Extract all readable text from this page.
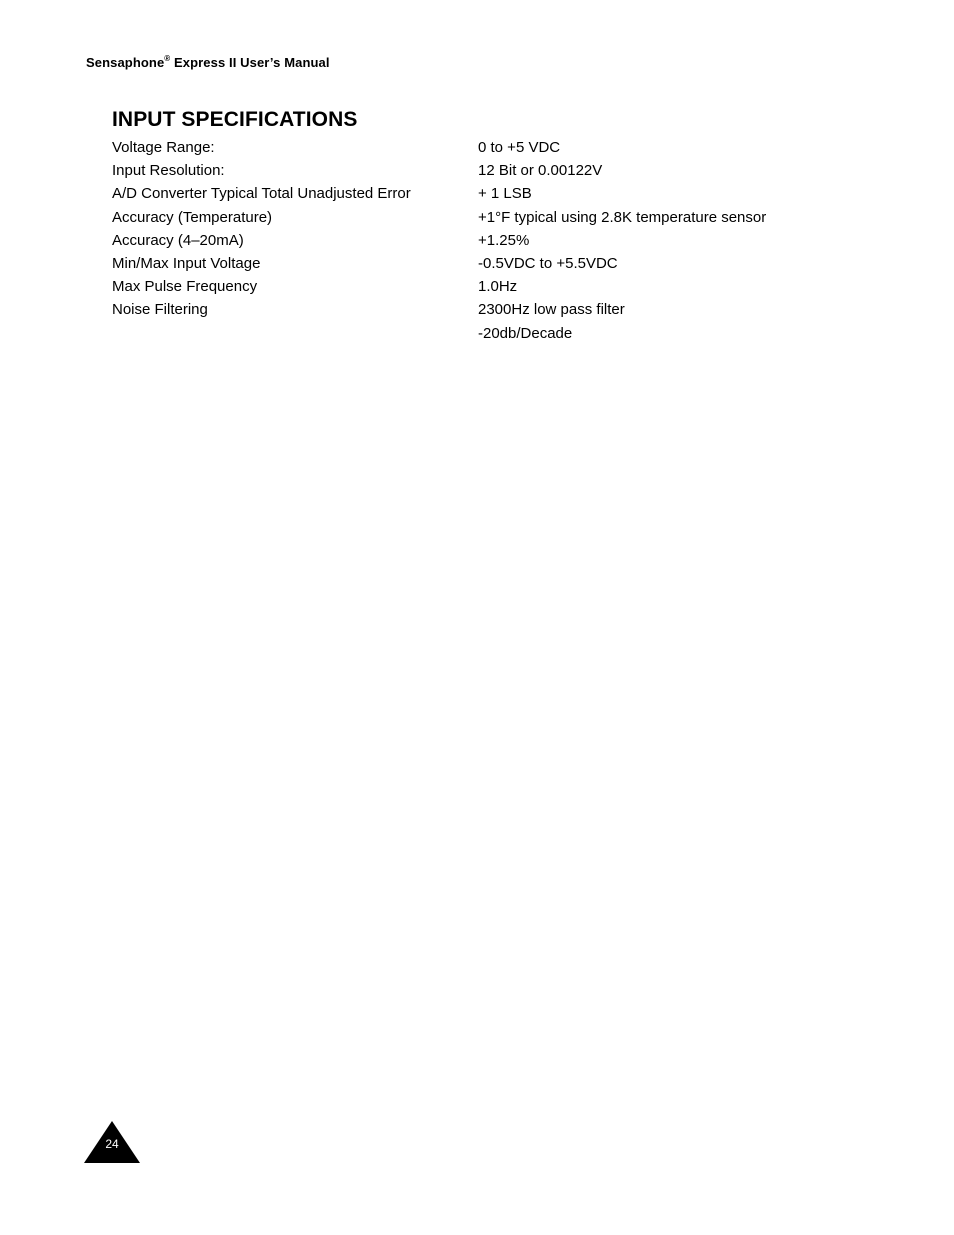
Sensaphone® Express II User’s Manual
INPUT SPECIFICATIONS
Voltage Range:	0 to +5 VDC
Input Resolution:	12 Bit or 0.00122V
A/D Converter Typical Total Unadjusted Error	+ 1 LSB
Accuracy (Temperature)	+1°F typical using 2.8K temperature sensor
Accuracy (4–20mA)	+1.25%
Min/Max Input Voltage	-0.5VDC to +5.5VDC
Max Pulse Frequency	1.0Hz
Noise Filtering	2300Hz low pass filter
-20db/Decade
24
